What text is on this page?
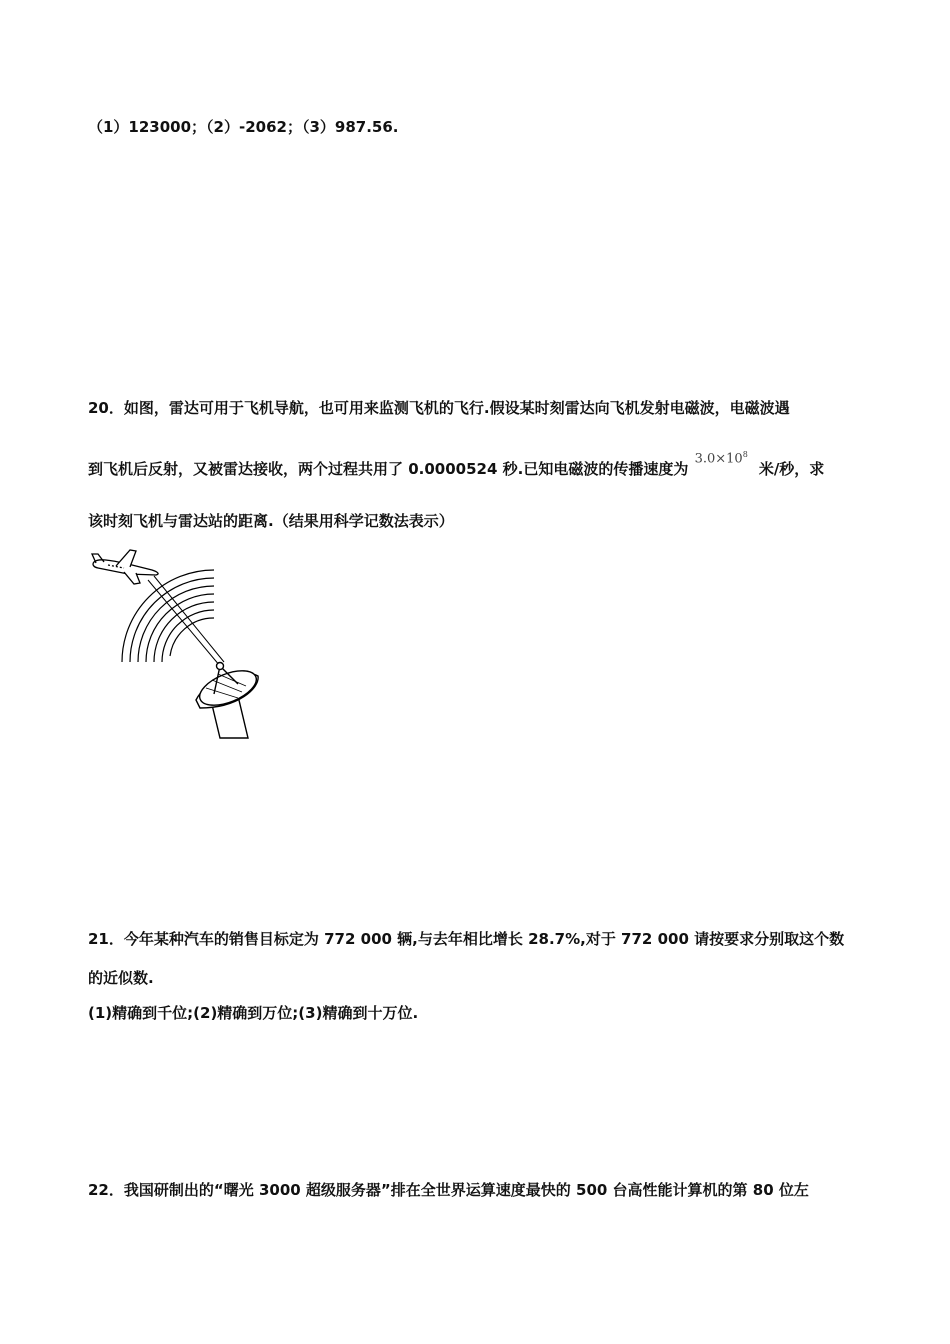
（1）123000；（2）-2062；（3）987.56.
20．如图，雷达可用于飞机导航，也可用来监测飞机的飞行.假设某时刻雷达向飞机发射电磁波，电磁波遇
到飞机后反射，又被雷达接收，两个过程共用了 0.0000524 秒.已知电磁波的传播速度为
$3.0\times 10^8$
米/秒，求
该时刻飞机与雷达站的距离.（结果用科学记数法表示）
21．今年某种汽车的销售目标定为 772 000 辆,与去年相比增长 28.7%,对于 772 000 请按要求分别取这个数
的近似数.
(1)精确到千位;(2)精确到万位;(3)精确到十万位.
22．我国研制出的“曙光 3000 超级服务器”排在全世界运算速度最快的 500 台高性能计算机的第 80 位左
